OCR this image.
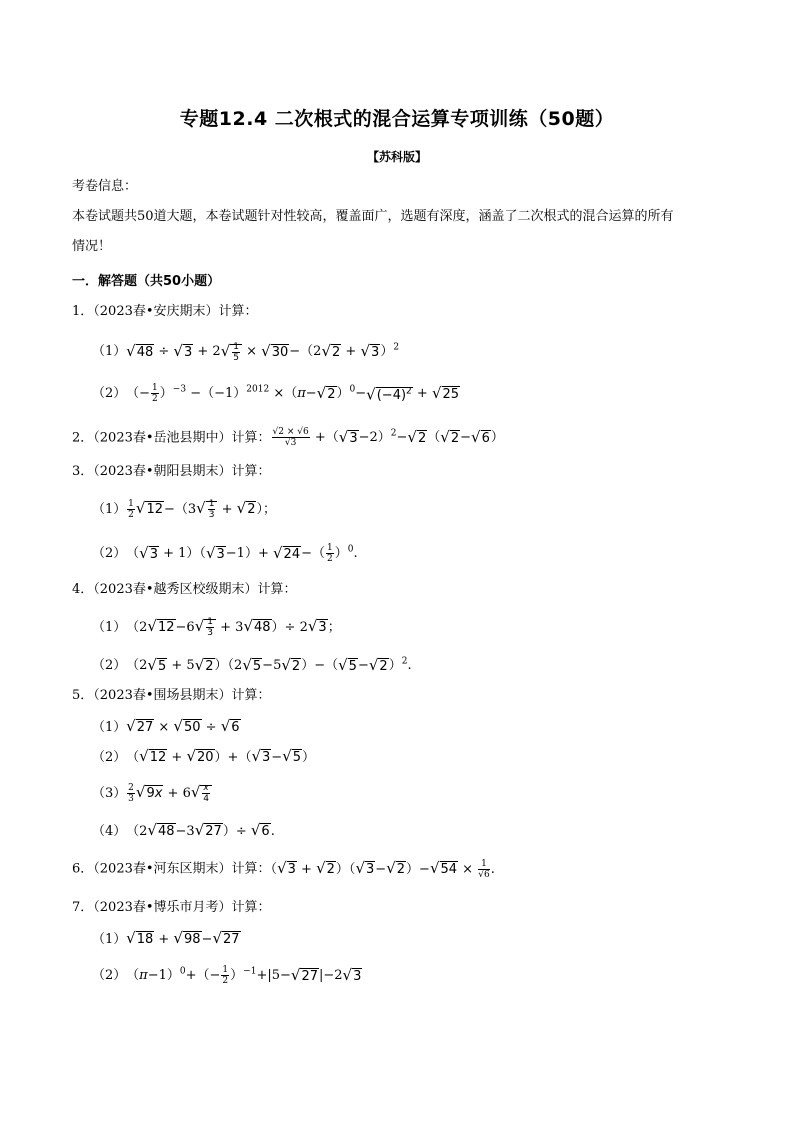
专题12.4 二次根式的混合运算专项训练（50题）
【苏科版】
考卷信息：
本卷试题共50道大题，本卷试题针对性较高，覆盖面广，选题有深度，涵盖了二次根式的混合运算的所有
情况！
一．解答题（共50小题）
1．（2023春•安庆期末）计算：
（1） $√48 \div √3 + 2√ \frac{1}{5} \times √30-(2√2 + √3)^2$
（2） （− $\frac{1}{2} )^{-3} -(-1)^{2012} \times(\pi-√2)^0-√(-4)^2 + √25$
2．（2023春•岳池县期中）计算： $\frac{√2 \times √6}{√3} +(√3-2)^2-√2(√2-√6)$
3．（2023春•朝阳县期末）计算：
$(1) \frac{1}{2} √12-(3√ \frac{1}{3} + √2)$；
（2） $(√3 + 1)(√3-1)+ √24-( \frac{1}{2} )^0$.
4．（2023春•越秀区校级期末）计算：
（1） $(2√12-6√ \frac{1}{3} + 3√48)\div 2√3$；
（2） $(2√5 + 5√2)(2√5-5√2)-(√5-√2)^2$.
5．（2023春•围场县期末）计算：
（1） √27 × √50 ÷ √6
（2） （√12 + √20）+（√3−√5）
$(3) \frac{2}{3} √9x + 6√ \frac{x}{4}$
（4） （2√48−3√27）÷ √6.
6．（2023春•河东区期末）计算：$(√3 + √2)(√3-√2)-√54 \times \frac{1}{√6}$ .
7．（2023春•博乐市月考）计算：
（1） √18 + √98−√27
（2） $(\pi-1)^0+(- \frac{1}{2} )^{-1}+|5-√27|-2√3$
